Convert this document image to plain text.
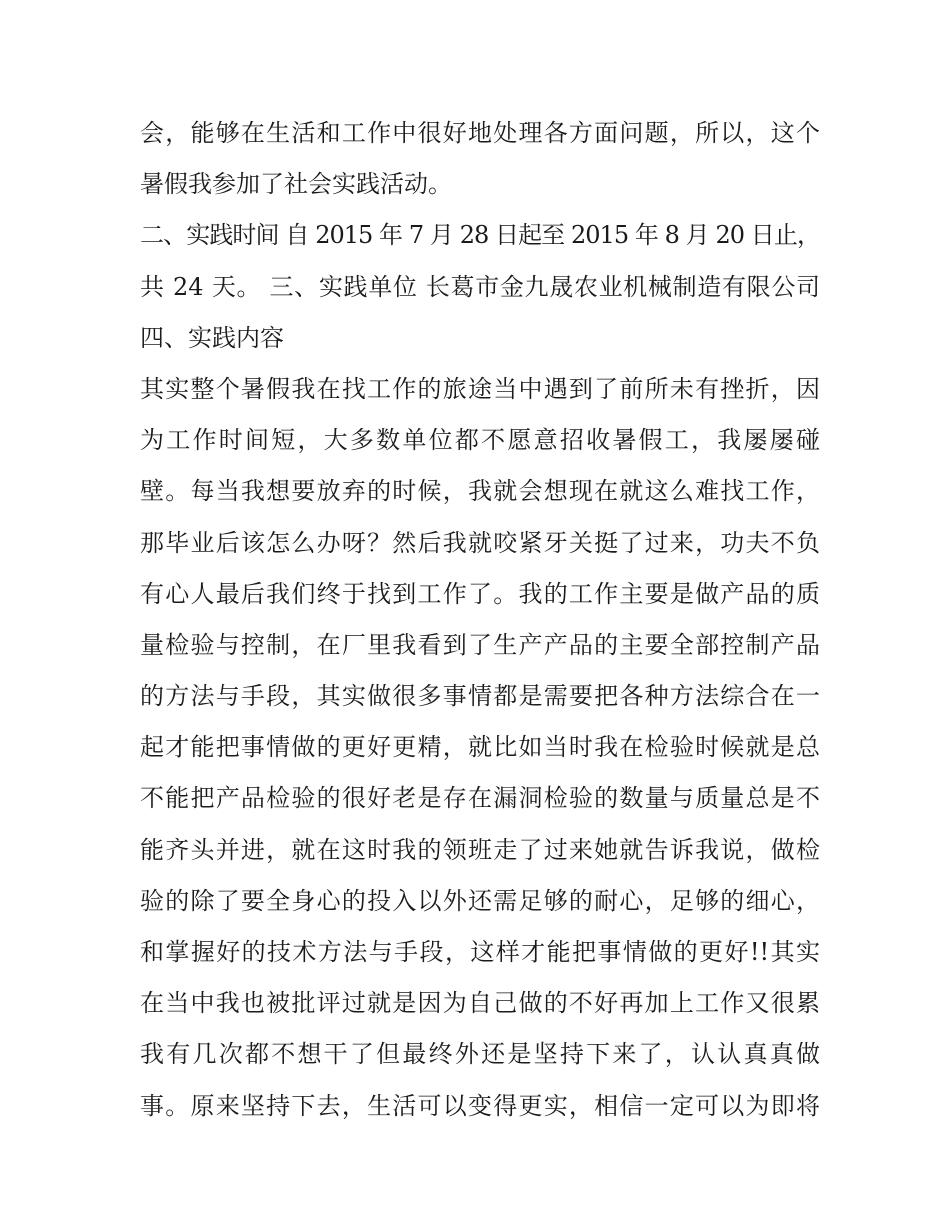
会，能够在生活和工作中很好地处理各方面问题，所以，这个
暑假我参加了社会实践活动。
二、实践时间 自 2015 年 7 月 28 日起至 2015 年 8 月 20 日止，
共 24 天。 三、实践单位 长葛市金九晟农业机械制造有限公司
四、实践内容
其实整个暑假我在找工作的旅途当中遇到了前所未有挫折，因
为工作时间短，大多数单位都不愿意招收暑假工，我屡屡碰
壁。每当我想要放弃的时候，我就会想现在就这么难找工作，
那毕业后该怎么办呀？然后我就咬紧牙关挺了过来，功夫不负
有心人最后我们终于找到工作了。我的工作主要是做产品的质
量检验与控制，在厂里我看到了生产产品的主要全部控制产品
的方法与手段，其实做很多事情都是需要把各种方法综合在一
起才能把事情做的更好更精，就比如当时我在检验时候就是总
不能把产品检验的很好老是存在漏洞检验的数量与质量总是不
能齐头并进，就在这时我的领班走了过来她就告诉我说，做检
验的除了要全身心的投入以外还需足够的耐心，足够的细心，
和掌握好的技术方法与手段，这样才能把事情做的更好!!其实
在当中我也被批评过就是因为自己做的不好再加上工作又很累
我有几次都不想干了但最终外还是坚持下来了，认认真真做
事。原来坚持下去，生活可以变得更实，相信一定可以为即将
